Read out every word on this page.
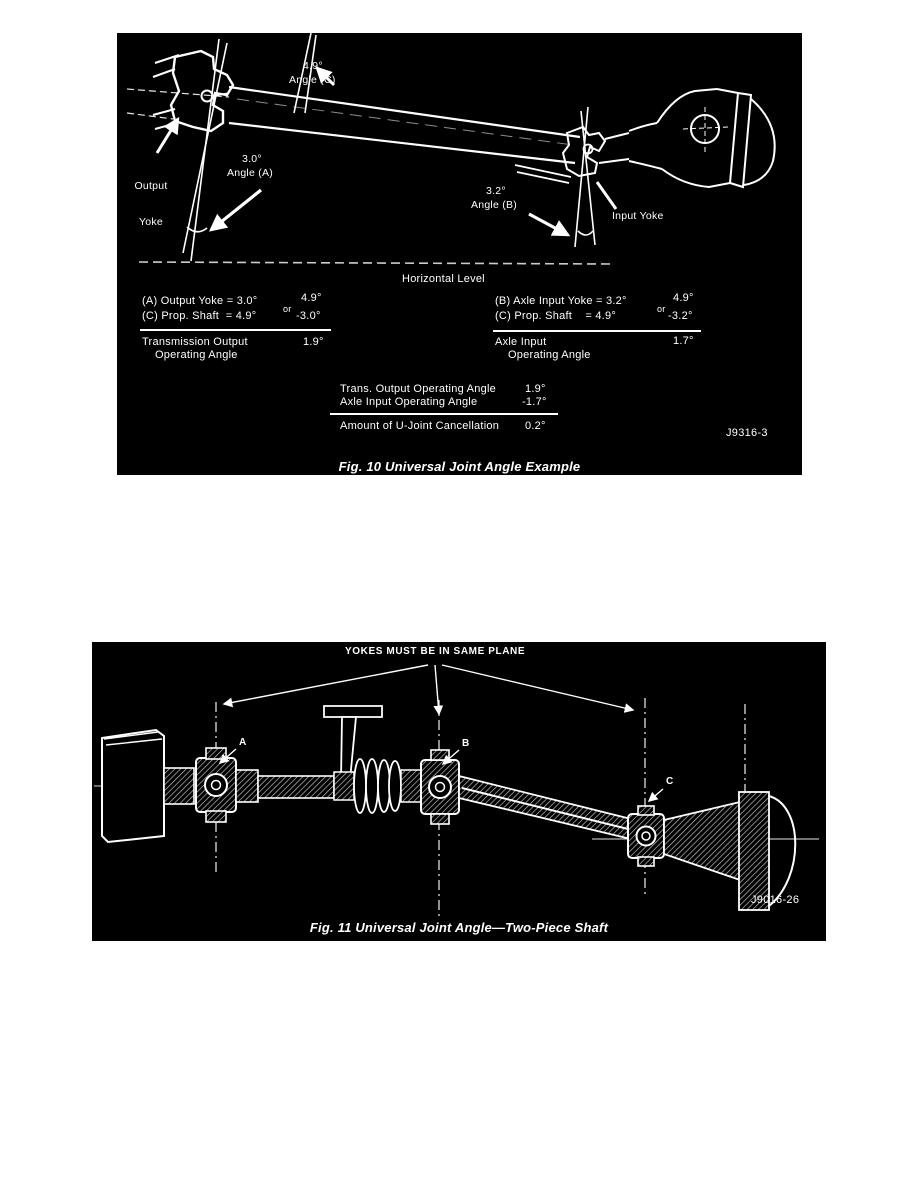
4.9°
Angle (C)

Output

Yoke

3.0°
Angle (A)
3.2°
Angle (B)
Input Yoke
Horizontal Level
(A) Output Yoke = 3.0°	4.9°
or
(C) Prop. Shaft  = 4.9°	-3.0°
Transmission Output	1.9°
Operating Angle
(B) Axle Input Yoke = 3.2°	4.9°
or
(C) Prop. Shaft    = 4.9°	-3.2°
Axle Input	1.7°
Operating Angle
Trans. Output Operating Angle	1.9°
Axle Input Operating Angle	-1.7°
Amount of U-Joint Cancellation 0.2°
J9316-3
Fig. 10 Universal Joint Angle Example
YOKES MUST BE IN SAME PLANE
A	B
C
J9016-26
Fig. 11 Universal Joint Angle—Two-Piece Shaft
